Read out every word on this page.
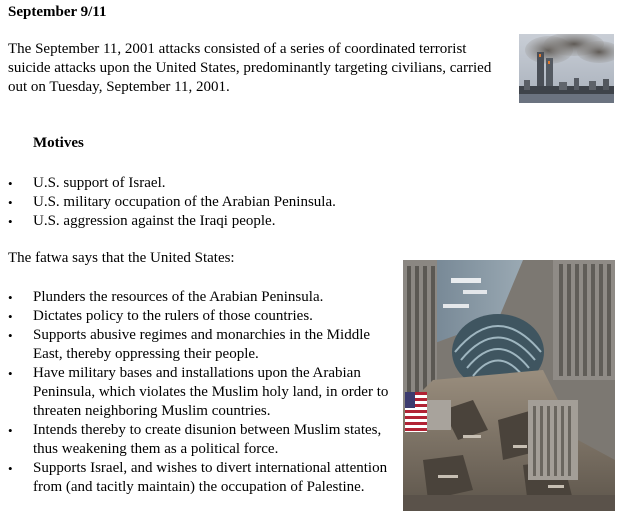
September 9/11

The September 11, 2001 attacks consisted of a series of coordinated terrorist suicide attacks upon the United States, predominantly targeting civilians, carried out on Tuesday, September 11, 2001.

Motives
• U.S. support of Israel.
• U.S. military occupation of the Arabian Peninsula.
• U.S. aggression against the Iraqi people.
The fatwa says that the United States:
• Plunders the resources of the Arabian Peninsula.
• Dictates policy to the rulers of those countries.
• Supports abusive regimes and monarchies in the Middle East, thereby oppressing their people.
• Have military bases and installations upon the Arabian Peninsula, which violates the Muslim holy land, in order to threaten neighboring Muslim countries.
• Intends thereby to create disunion between Muslim states, thus weakening them as a political force.
• Supports Israel, and wishes to divert international attention from (and tacitly maintain) the occupation of Palestine.
